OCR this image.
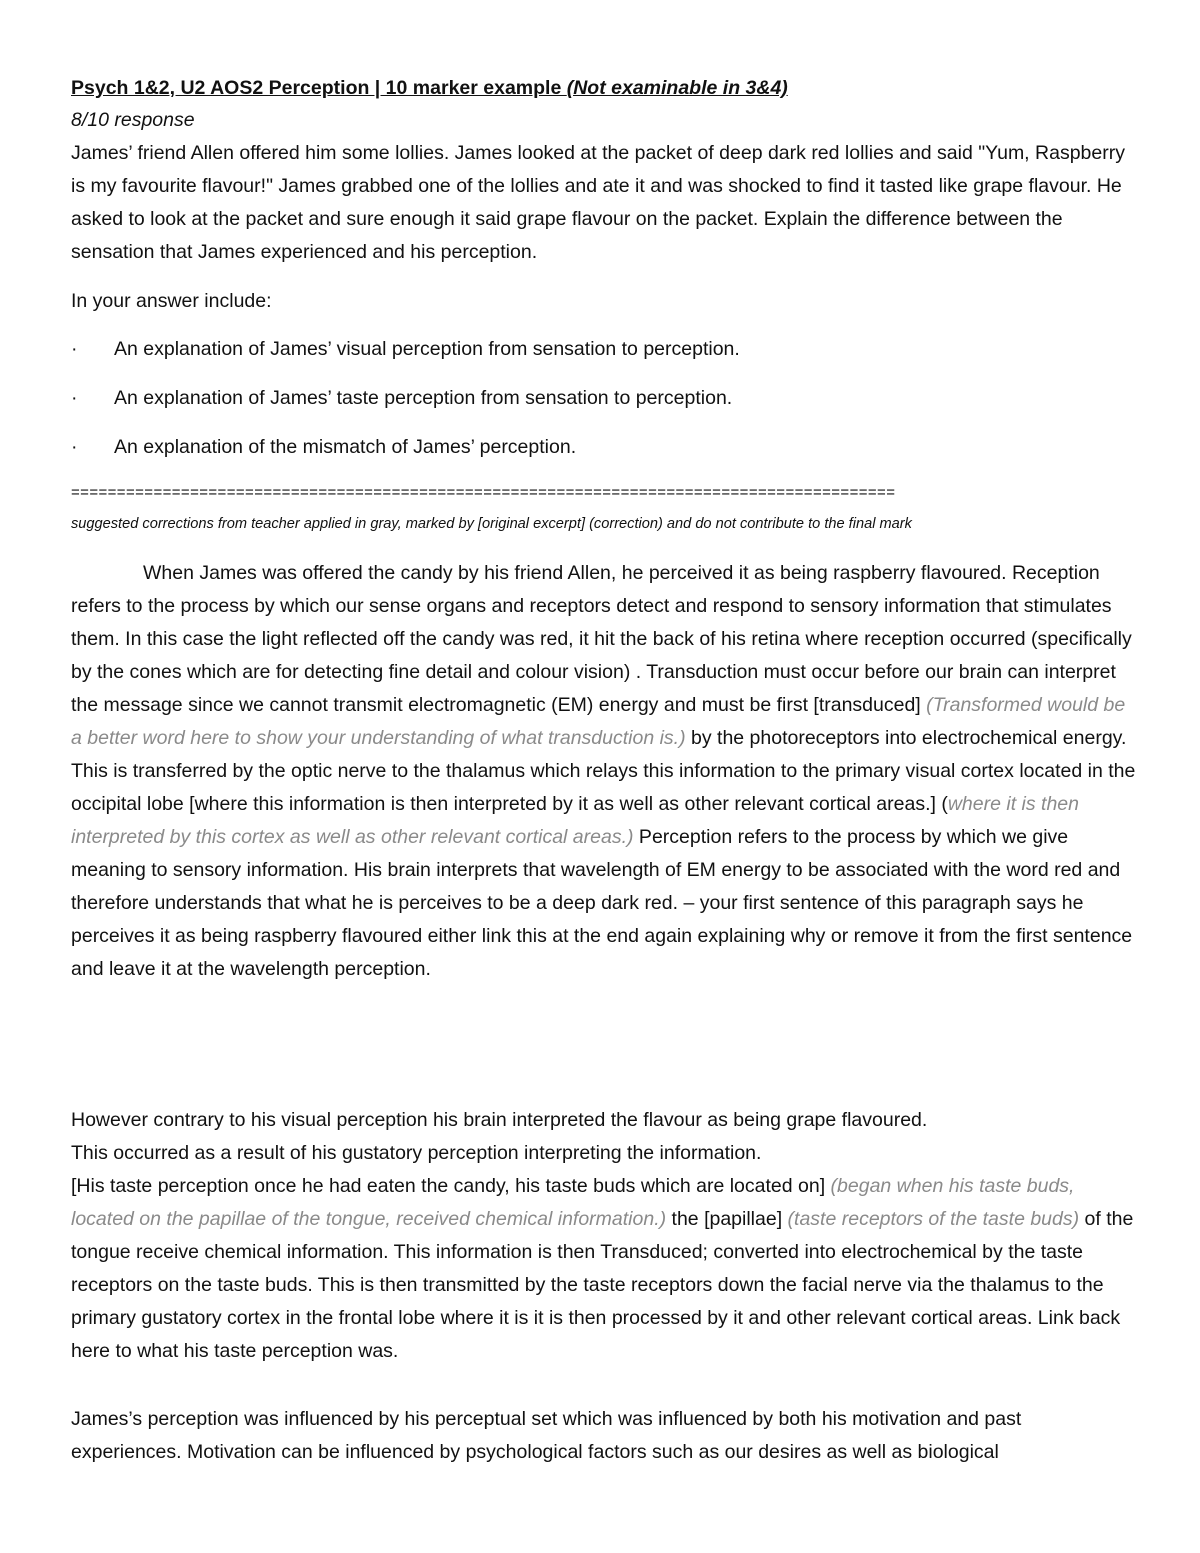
Psych 1&2, U2 AOS2 Perception | 10 marker example (Not examinable in 3&4)
8/10 response
James’ friend Allen offered him some lollies. James looked at the packet of deep dark red lollies and said "Yum, Raspberry is my favourite flavour!" James grabbed one of the lollies and ate it and was shocked to find it tasted like grape flavour. He asked to look at the packet and sure enough it said grape flavour on the packet. Explain the difference between the sensation that James experienced and his perception.
In your answer include:
·	An explanation of James’ visual perception from sensation to perception.
·	An explanation of James’ taste perception from sensation to perception.
·	An explanation of the mismatch of James’ perception.
==========================================================================================
suggested corrections from teacher applied in gray, marked by [original excerpt] (correction) and do not contribute to the final mark
When James was offered the candy by his friend Allen, he perceived it as being raspberry flavoured. Reception refers to the process by which our sense organs and receptors detect and respond to sensory information that stimulates them. In this case the light reflected off the candy was red, it hit the back of his retina where reception occurred (specifically by the cones which are for detecting fine detail and colour vision) . Transduction must occur before our brain can interpret the message since we cannot transmit electromagnetic (EM) energy and must be first [transduced] (Transformed would be a better word here to show your understanding of what transduction is.) by the photoreceptors into electrochemical energy. This is transferred by the optic nerve to the thalamus which relays this information to the primary visual cortex located in the occipital lobe [where this information is then interpreted by it as well as other relevant cortical areas.] (where it is then interpreted by this cortex as well as other relevant cortical areas.) Perception refers to the process by which we give meaning to sensory information. His brain interprets that wavelength of EM energy to be associated with the word red and therefore understands that what he is perceives to be a deep dark red. – your first sentence of this paragraph says he perceives it as being raspberry flavoured either link this at the end again explaining why or remove it from the first sentence and leave it at the wavelength perception.
However contrary to his visual perception his brain interpreted the flavour as being grape flavoured.
This occurred as a result of his gustatory perception interpreting the information.
[His taste perception once he had eaten the candy, his taste buds which are located on] (began when his taste buds, located on the papillae of the tongue, received chemical information.) the [papillae] (taste receptors of the taste buds) of the tongue receive chemical information. This information is then Transduced; converted into electrochemical by the taste receptors on the taste buds. This is then transmitted by the taste receptors down the facial nerve via the thalamus to the primary gustatory cortex in the frontal lobe where it is it is then processed by it and other relevant cortical areas. Link back here to what his taste perception was.
James’s perception was influenced by his perceptual set which was influenced by both his motivation and past experiences. Motivation can be influenced by psychological factors such as our desires as well as biological
